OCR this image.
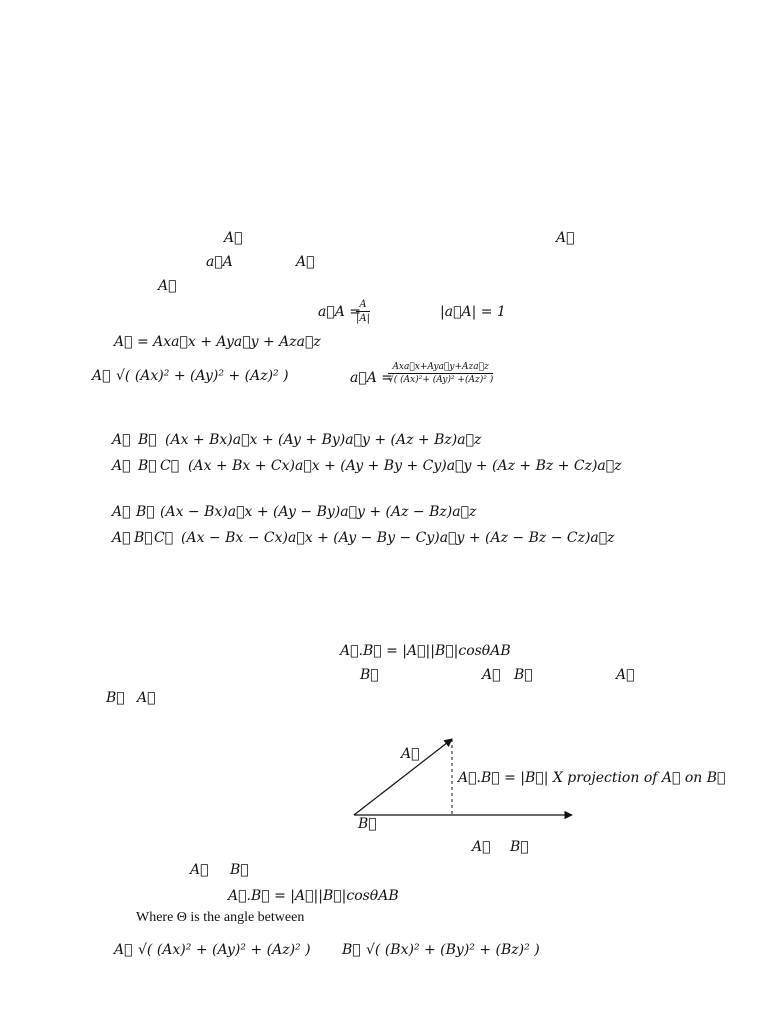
A⃗	A⃗
a⃗A	A⃗
A⃗
a⃗A =
$\frac{A}{|A|}$	|a⃗A| = 1
A⃗ = Axa⃗x + Aya⃗y + Aza⃗z
A⃗ √( (Ax)² + (Ay)² + (Az)² )	a⃗A =
Axa⃗x+Aya⃗y+Aza⃗z
√( (Ax)²+ (Ay)² +(Az)² )
A⃗ B⃗ (Ax + Bx)a⃗x + (Ay + By)a⃗y + (Az + Bz)a⃗z
A⃗ B⃗ C⃗ (Ax + Bx + Cx)a⃗x + (Ay + By + Cy)a⃗y + (Az + Bz + Cz)a⃗z
A⃗ B⃗ (Ax − Bx)a⃗x + (Ay − By)a⃗y + (Az − Bz)a⃗z
A⃗ B⃗ C⃗ (Ax − Bx − Cx)a⃗x + (Ay − By − Cy)a⃗y + (Az − Bz − Cz)a⃗z
A⃗.B⃗ = |A⃗||B⃗|cosθAB
B⃗	A⃗ B⃗	A⃗
B⃗ A⃗
A⃗
B⃗
A⃗.B⃗ = |B⃗| X projection of A⃗ on B⃗
A⃗ B⃗
A⃗ B⃗
A⃗.B⃗ = |A⃗||B⃗|cosθAB
Where Θ is the angle between
A⃗ √( (Ax)² + (Ay)² + (Az)² ) B⃗ √( (Bx)² + (By)² + (Bz)² )
